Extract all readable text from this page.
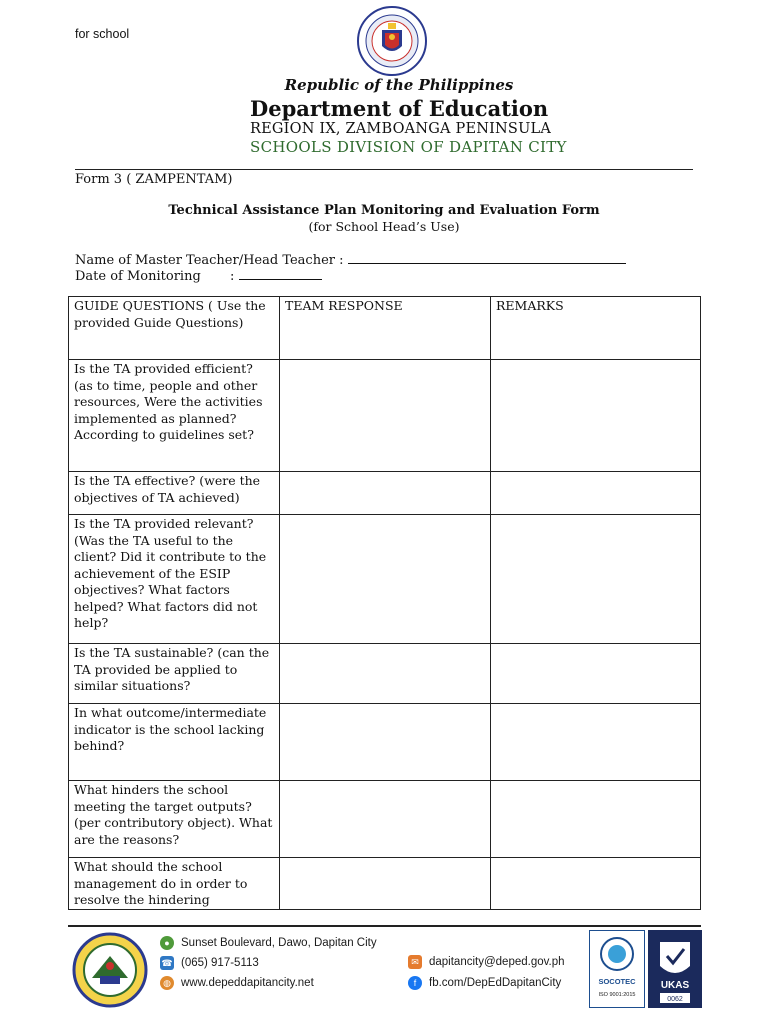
for school
Republic of the Philippines
Department of Education
REGION IX, ZAMBOANGA PENINSULA
SCHOOLS DIVISION OF DAPITAN CITY
Form 3 ( ZAMPENTAM)
Technical Assistance Plan Monitoring and Evaluation Form
(for School Head’s Use)
Name of Master Teacher/Head Teacher :
Date of Monitoring :
GUIDE QUESTIONS ( Use the provided Guide Questions)	TEAM RESPONSE	REMARKS
Is the TA provided efficient? (as to time, people and other resources, Were the activities implemented as planned? According to guidelines set?		
Is the TA effective? (were the objectives of TA achieved)		
Is the TA provided relevant? (Was the TA useful to the client? Did it contribute to the achievement of the ESIP objectives? What factors helped? What factors did not help?		
Is the TA sustainable? (can the TA provided be applied to similar situations?		
In what outcome/intermediate indicator is the school lacking behind?		
What hinders the school meeting the target outputs? (per contributory object). What are the reasons?		
What should the school management do in order to resolve the hindering		
● Sunset Boulevard, Dawo, Dapitan City
☎ (065) 917-5113
◍ www.depeddapitancity.net
✉ dapitancity@deped.gov.ph
f fb.com/DepEdDapitanCity	SOCOTEC
ISO 9001:2015
UKAS
0062
